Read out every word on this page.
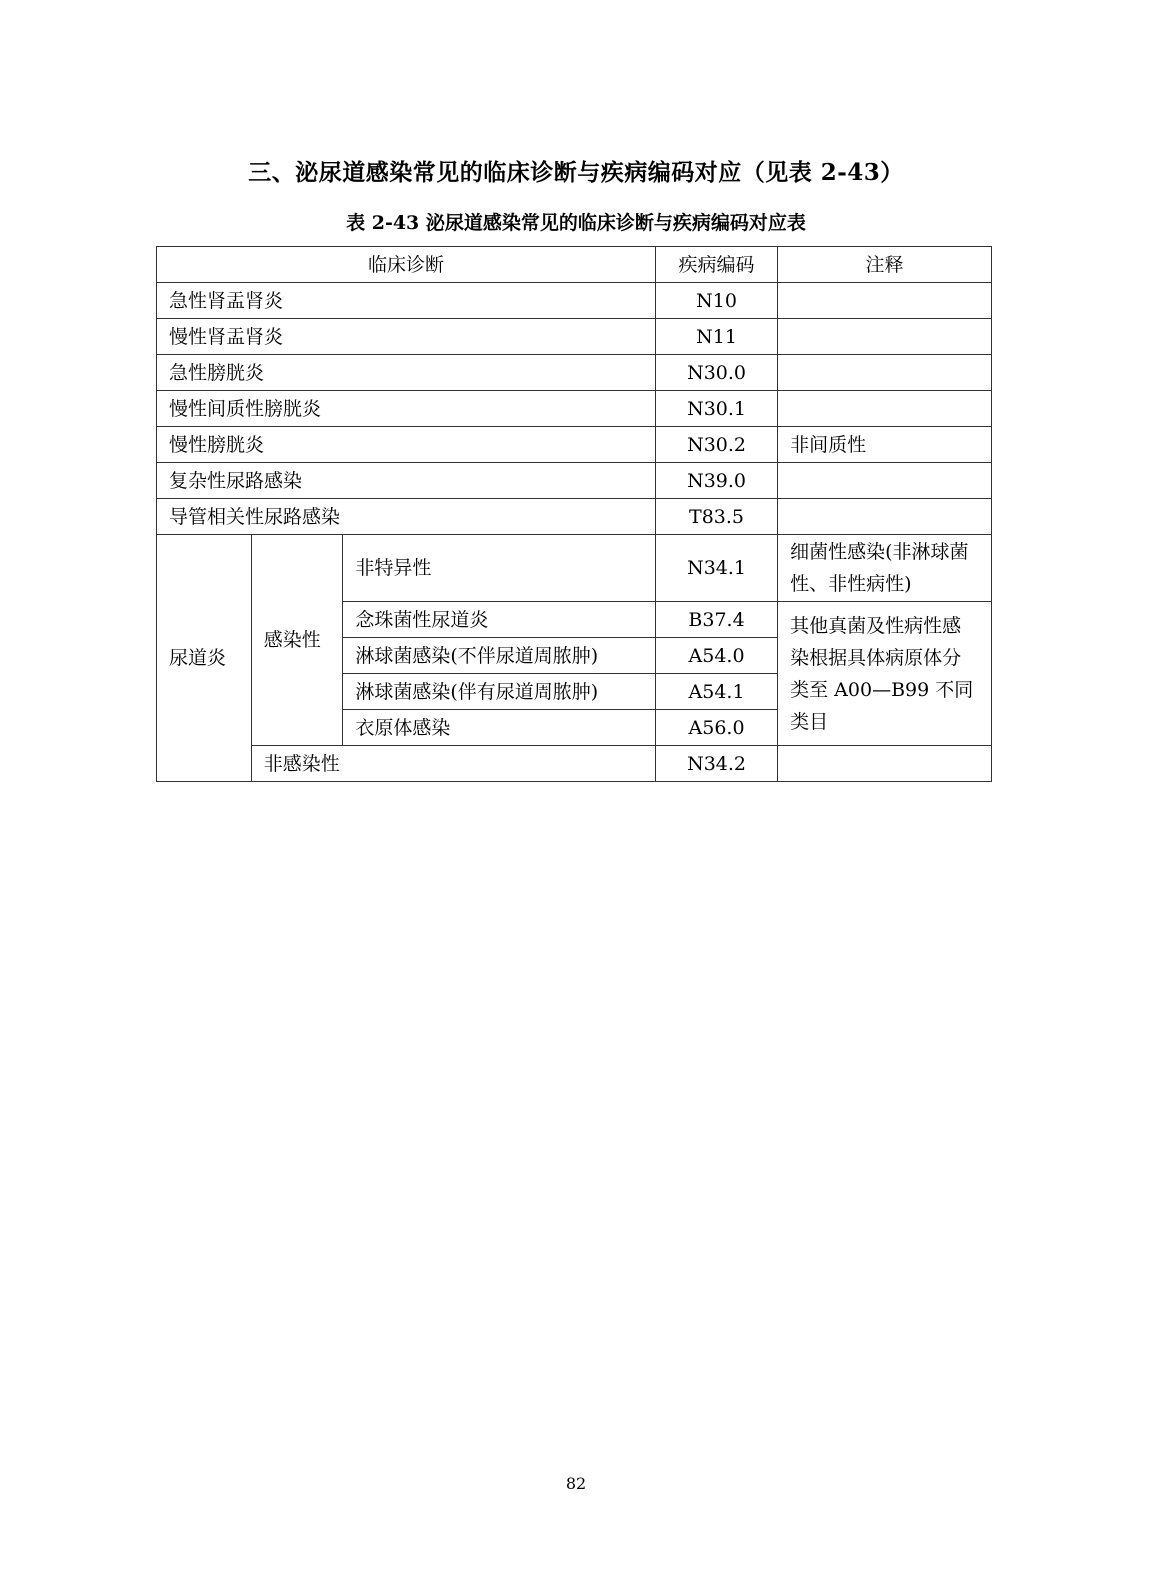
三、泌尿道感染常见的临床诊断与疾病编码对应（见表 2-43）
表 2-43 泌尿道感染常见的临床诊断与疾病编码对应表
临床诊断			疾病编码	注释
急性肾盂肾炎			N10	
慢性肾盂肾炎			N11	
急性膀胱炎			N30.0	
慢性间质性膀胱炎			N30.1	
慢性膀胱炎			N30.2	非间质性
复杂性尿路感染			N39.0	
导管相关性尿路感染			T83.5	
尿道炎	感染性	非特异性	N34.1	细菌性感染(非淋球菌性、非性病性)
		念珠菌性尿道炎	B37.4	其他真菌及性病性感染根据具体病原体分类至 A00—B99 不同类目
		淋球菌感染(不伴尿道周脓肿)	A54.0	
		淋球菌感染(伴有尿道周脓肿)	A54.1	
		衣原体感染	A56.0	
	非感染性		N34.2	

82
